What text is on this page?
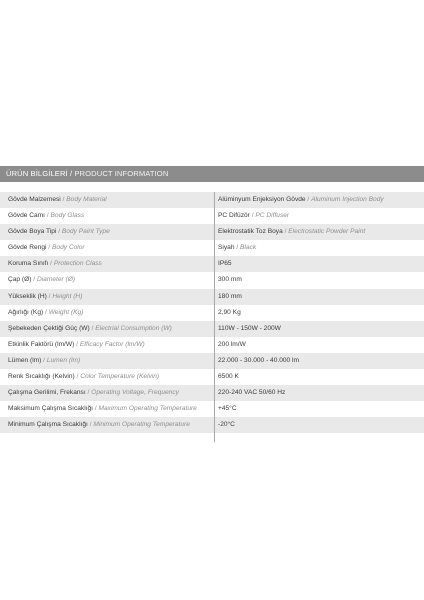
ÜRÜN BİLGİLERİ / PRODUCT INFORMATION
Gövde Malzemesi / Body Material	Alüminyum Enjeksiyon Gövde / Aluminum Injection Body
Gövde Camı / Body Glass	PC Difüzör / PC Diffuser
Gövde Boya Tipi / Body Paint Type	Elektrostatik Toz Boya / Electrostatic Powder Paint
Gövde Rengi / Body Color	Siyah / Black
Koruma Sınıfı / Protection Class	IP65
Çap (Ø) / Diameter (Ø)	300 mm
Yükseklik (H) / Height (H)	180 mm
Ağırlığı (Kg) / Weight (Kg)	2,90 Kg
Şebekeden Çektiği Güç (W) / Electrial Consumption (W)	110W - 150W - 200W
Etkinlik Faktörü (lm/W) / Efficacy Factor (lm/W)	200 lm/W
Lümen (lm) / Lumen (lm)	22.000 - 30.000 - 40.000 lm
Renk Sıcaklığı (Kelvin) / Color Temperature (Kelvin)	6500 K
Çalışma Gerilimi, Frekansı / Operating Voltage, Frequency	220-240 VAC 50/60 Hz
Maksimum Çalışma Sıcaklığı / Maximum Operating Temperature	+45°C
Minimum Çalışma Sıcaklığı / Minimum Operating Temperature	-20°C
